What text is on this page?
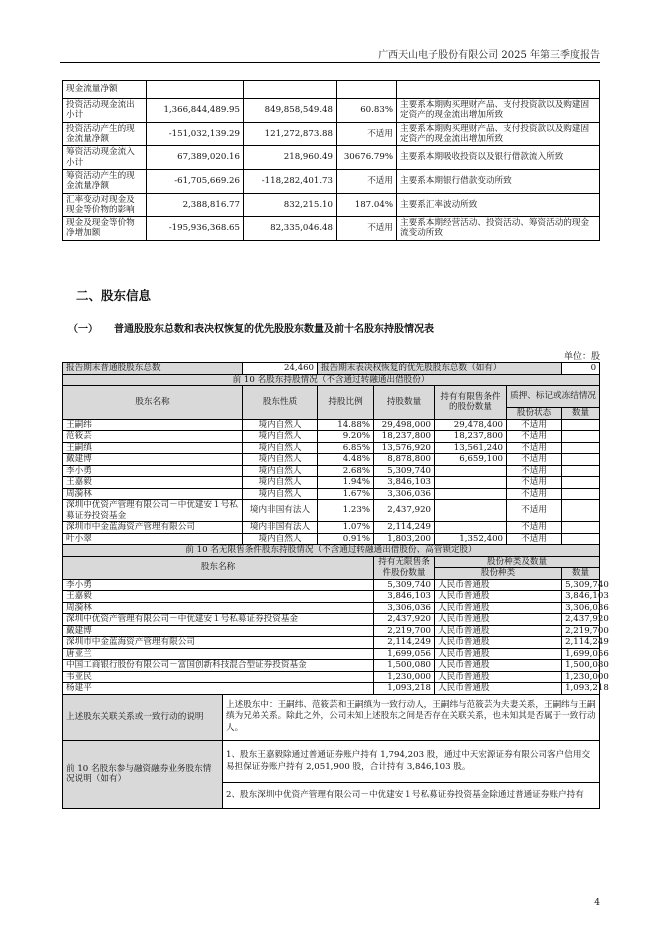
广西天山电子股份有限公司 2025 年第三季度报告
现金流量净额				
投资活动现金流出小计	1,366,844,489.95	849,858,549.48	60.83%	主要系本期购买理财产品、支付投资款以及购建固定资产的现金流出增加所致
投资活动产生的现金流量净额	-151,032,139.29	121,272,873.88	不适用	主要系本期购买理财产品、支付投资款以及购建固定资产的现金流出增加所致
筹资活动现金流入小计	67,389,020.16	218,960.49	30676.79%	主要系本期吸收投资以及银行借款流入所致
筹资活动产生的现金流量净额	-61,705,669.26	-118,282,401.73	不适用	主要系本期银行借款变动所致
汇率变动对现金及现金等价物的影响	2,388,816.77	832,215.10	187.04%	主要系汇率波动所致
现金及现金等价物净增加额	-195,936,368.65	82,335,046.48	不适用	主要系本期经营活动、投资活动、筹资活动的现金流变动所致
二、股东信息
（一） 普通股股东总数和表决权恢复的优先股股东数量及前十名股东持股情况表
单位：股
报告期末普通股股东总数		24,460	报告期末表决权恢复的优先股股东总数（如有）				0
前 10 名股东持股情况（不含通过转融通出借股份）							
股东名称		股东性质	持股比例	持股数量	持有有限售条件的股份数量	质押、标记或冻结情况	
						股份状态	数量
王嗣纬		境内自然人	14.88%	29,498,000	29,478,400	不适用	
范筱芸		境内自然人	9.20%	18,237,800	18,237,800	不适用	
王嗣缜		境内自然人	6.85%	13,576,920	13,561,240	不适用	
戴建博		境内自然人	4.48%	8,878,800	6,659,100	不适用	
李小勇		境内自然人	2.68%	5,309,740		不适用	
王嘉毅		境内自然人	1.94%	3,846,103		不适用	
周漪林		境内自然人	1.67%	3,306,036		不适用	
深圳中优资产管理有限公司－中优建安１号私募证券投资基金		境内非国有法人	1.23%	2,437,920		不适用	
深圳市中金蓝海资产管理有限公司		境内非国有法人	1.07%	2,114,249		不适用	
叶小翠		境内自然人	0.91%	1,803,200	1,352,400	不适用	
前 10 名无限售条件股东持股情况（不含通过转融通出借股份、高管锁定股）							
股东名称				持有无限售条件股份数量	股份种类及数量		
					股份种类		数量
李小勇				5,309,740	人民币普通股		5,309,740
王嘉毅				3,846,103	人民币普通股		3,846,103
周漪林				3,306,036	人民币普通股		3,306,036
深圳中优资产管理有限公司－中优建安１号私募证券投资基金				2,437,920	人民币普通股		2,437,920
戴建博				2,219,700	人民币普通股		2,219,700
深圳市中金蓝海资产管理有限公司				2,114,249	人民币普通股		2,114,249
唐亚兰				1,699,056	人民币普通股		1,699,056
中国工商银行股份有限公司－富国创新科技混合型证券投资基金				1,500,080	人民币普通股		1,500,080
韦亚民				1,230,000	人民币普通股		1,230,000
杨建平				1,093,218	人民币普通股		1,093,218
上述股东关联关系或一致行动的说明	上述股东中：王嗣纬、范筱芸和王嗣缜为一致行动人，王嗣纬与范筱芸为夫妻关系，王嗣纬与王嗣缜为兄弟关系。除此之外，公司未知上述股东之间是否存在关联关系，也未知其是否属于一致行动人。						
前 10 名股东参与融资融券业务股东情况说明（如有）	1、股东王嘉毅除通过普通证券账户持有 1,794,203 股，通过中天宏源证券有限公司客户信用交易担保证券账户持有 2,051,900 股，合计持有 3,846,103 股。						
	2、股东深圳中优资产管理有限公司－中优建安１号私募证券投资基金除通过普通证券账户持有						
4
